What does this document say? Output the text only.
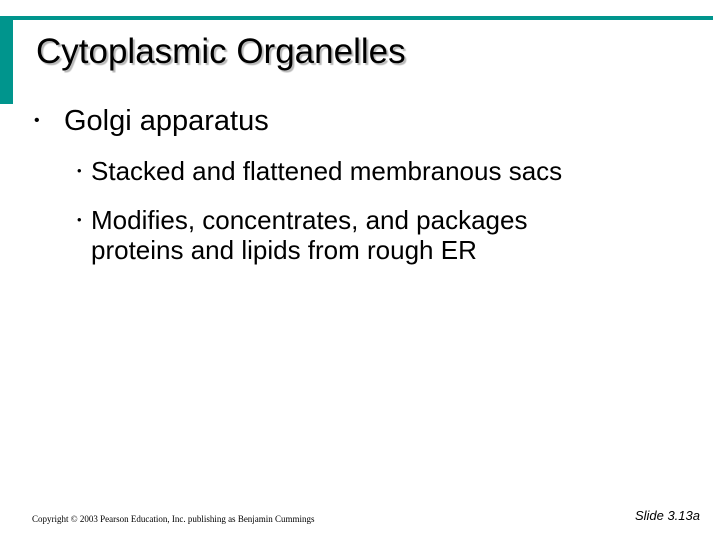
Cytoplasmic Organelles
• Golgi apparatus
• Stacked and flattened membranous sacs
• Modifies, concentrates, and packages
proteins and lipids from rough ER
Copyright © 2003 Pearson Education, Inc. publishing as Benjamin Cummings	Slide 3.13a
